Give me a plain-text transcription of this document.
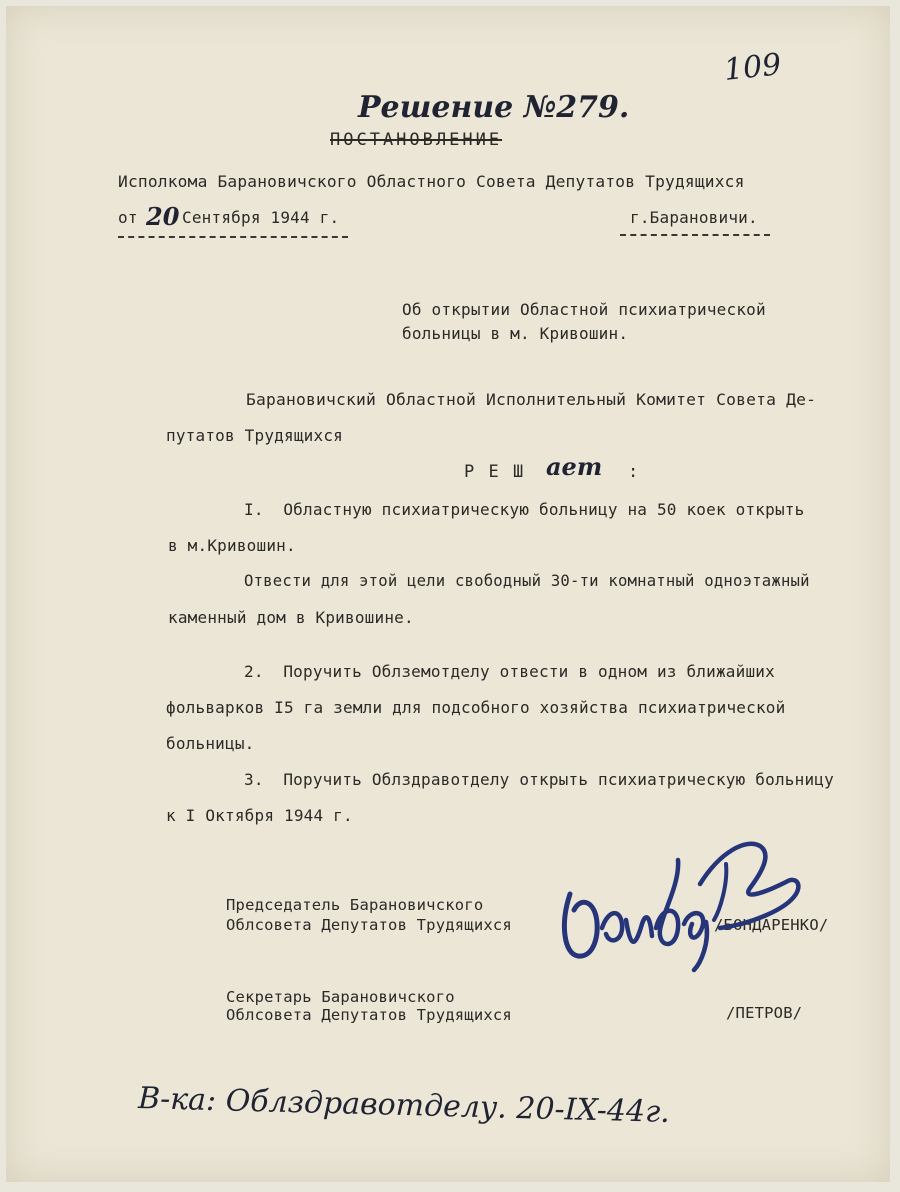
109
Решение №279.
ПОСТАНОВЛЕНИЕ
Исполкома Барановичского Областного Совета Депутатов Трудящихся
от 20 Сентября 1944 г.	г.Барановичи.
Об открытии Областной психиатрической
больницы в м. Кривошин.
Барановичский Областной Исполнительный Комитет Совета Де-
путатов Трудящихся
Р Е Ш ает :
I.  Областную психиатрическую больницу на 50 коек открыть
в м.Кривошин.
Отвести для этой цели свободный 30-ти комнатный одноэтажный
каменный дом в Кривошине.
2.  Поручить Облземотделу отвести в одном из ближайших
фольварков I5 га земли для подсобного хозяйства психиатрической
больницы.
3.  Поручить Облздравотделу открыть психиатрическую больницу
к I Октября 1944 г.
Председатель Барановичского
Облсовета Депутатов Трудящихся	/БОНДАРЕНКО/
Секретарь Барановичского
Облсовета Депутатов Трудящихся	/ПЕТРОВ/
В-ка: Облздравотделу. 20-IX-44г.
